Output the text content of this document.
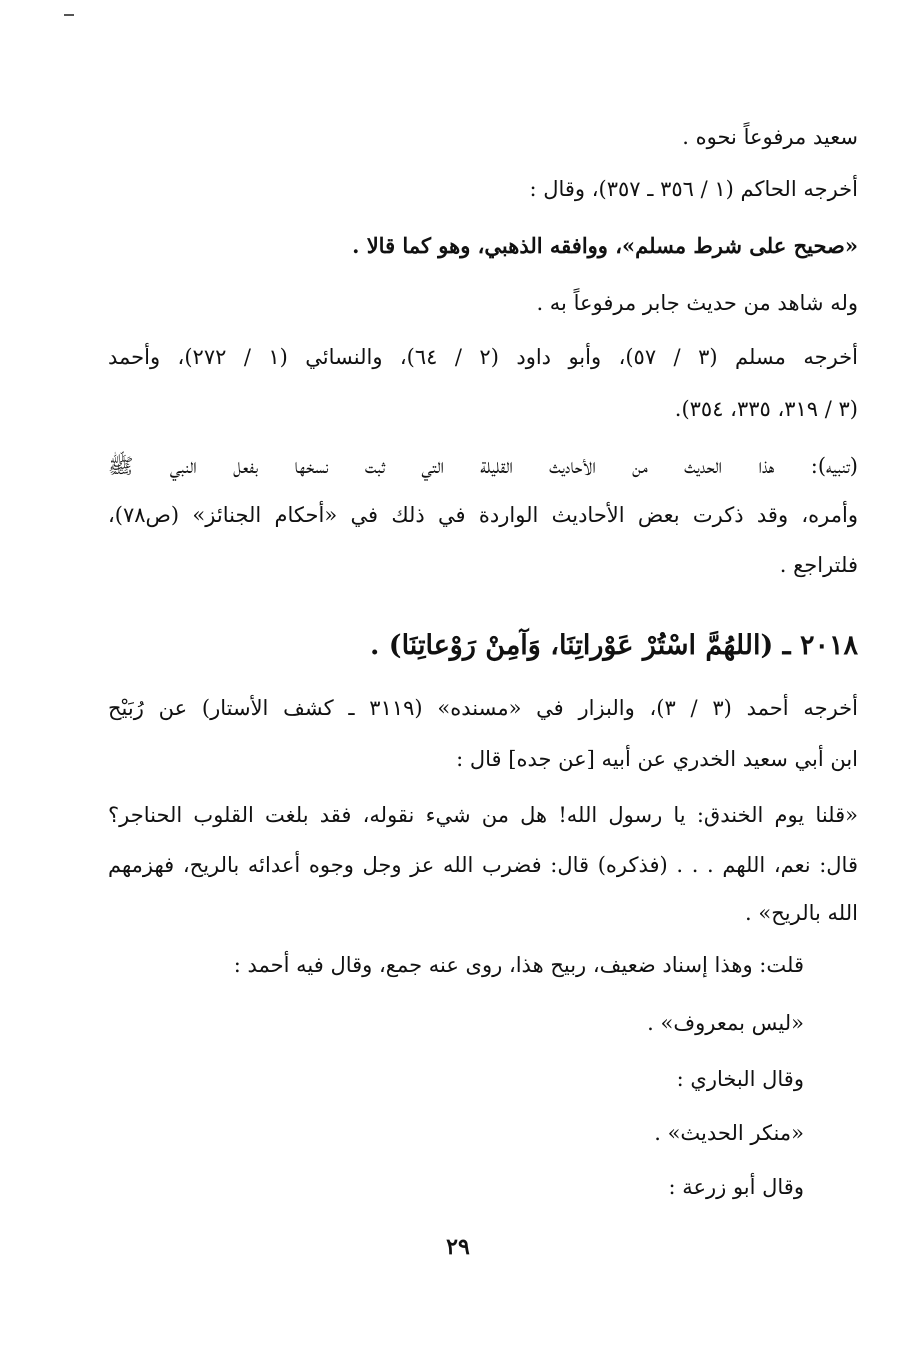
سعيد مرفوعاً نحوه .
أخرجه الحاكم (١ / ٣٥٦ ـ ٣٥٧)، وقال :
«صحيح على شرط مسلم»، ووافقه الذهبي، وهو كما قالا .
وله شاهد من حديث جابر مرفوعاً به .
أخرجه مسلم (٣ / ٥٧)، وأبو داود (٢ / ٦٤)، والنسائي (١ / ٢٧٢)، وأحمد
(٣ / ٣١٩، ٣٣٥، ٣٥٤).
(تنبيه): هذا الحديث من الأحاديث القليلة التي ثبت نسخها بفعل النبي ﷺ
وأمره، وقد ذكرت بعض الأحاديث الواردة في ذلك في «أحكام الجنائز» (ص٧٨)،
فلتراجع .
٢٠١٨ ـ (اللهُمَّ اسْتُرْ عَوْراتِنَا، وَآمِنْ رَوْعاتِنَا) .
أخرجه أحمد (٣ / ٣)، والبزار في «مسنده» (٣١١٩ ـ كشف الأستار) عن رُبَيْح
ابن أبي سعيد الخدري عن أبيه [عن جده] قال :
«قلنا يوم الخندق: يا رسول الله! هل من شيء نقوله، فقد بلغت القلوب الحناجر؟
قال: نعم، اللهم . . . (فذكره) قال: فضرب الله عز وجل وجوه أعدائه بالريح، فهزمهم
الله بالريح» .
قلت: وهذا إسناد ضعيف، ربيح هذا، روى عنه جمع، وقال فيه أحمد :
«ليس بمعروف» .
وقال البخاري :
«منكر الحديث» .
وقال أبو زرعة :
٢٩
